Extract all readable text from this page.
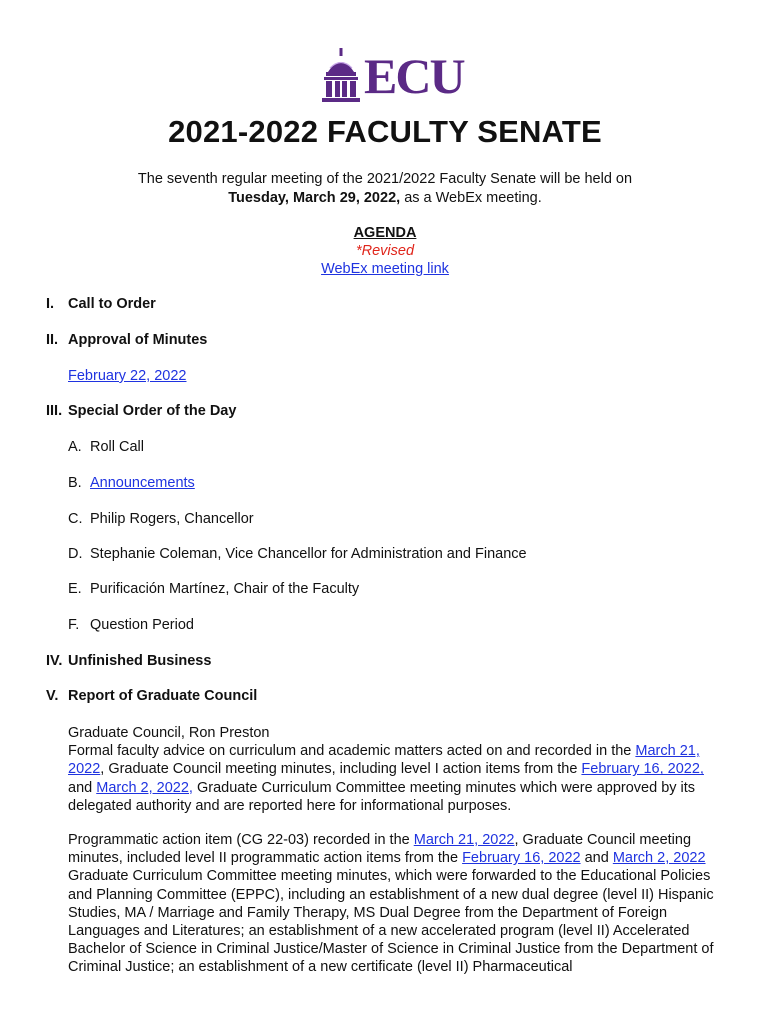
ECU
2021-2022 FACULTY SENATE
The seventh regular meeting of the 2021/2022 Faculty Senate will be held on
Tuesday, March 29, 2022, as a WebEx meeting.
AGENDA
*Revised
WebEx meeting link
I. Call to Order
II. Approval of Minutes
February 22, 2022
III. Special Order of the Day
A. Roll Call
B. Announcements
C. Philip Rogers, Chancellor
D. Stephanie Coleman, Vice Chancellor for Administration and Finance
E. Purificación Martínez, Chair of the Faculty
F. Question Period
IV. Unfinished Business
V. Report of Graduate Council
Graduate Council, Ron Preston
Formal faculty advice on curriculum and academic matters acted on and recorded in the March 21, 2022, Graduate Council meeting minutes, including level I action items from the February 16, 2022, and March 2, 2022, Graduate Curriculum Committee meeting minutes which were approved by its delegated authority and are reported here for informational purposes.
Programmatic action item (CG 22-03) recorded in the March 21, 2022, Graduate Council meeting minutes, included level II programmatic action items from the February 16, 2022 and March 2, 2022 Graduate Curriculum Committee meeting minutes, which were forwarded to the Educational Policies and Planning Committee (EPPC), including an establishment of a new dual degree (level II) Hispanic Studies, MA / Marriage and Family Therapy, MS Dual Degree from the Department of Foreign Languages and Literatures; an establishment of a new accelerated program (level II) Accelerated Bachelor of Science in Criminal Justice/Master of Science in Criminal Justice from the Department of Criminal Justice; an establishment of a new certificate (level II) Pharmaceutical
